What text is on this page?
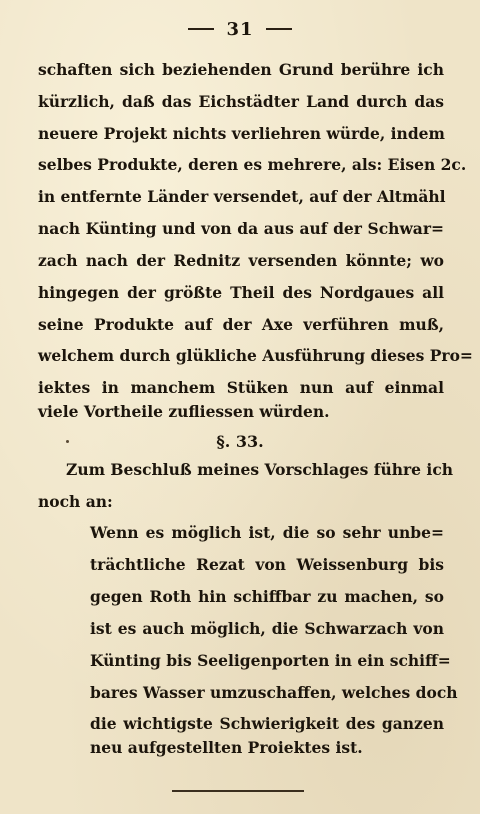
31
schaften sich beziehenden Grund berühre ich
kürzlich, daß das Eichstädter Land durch das
neuere Projekt nichts verliehren würde, indem
selbes Produkte, deren es mehrere, als: Eisen 2c.
in entfernte Länder versendet, auf der Altmähl
nach Künting und von da aus auf der Schwar=
zach nach der Rednitz versenden könnte; wo
hingegen der größte Theil des Nordgaues all
seine Produkte auf der Axe verführen muß,
welchem durch glükliche Ausführung dieses Pro=
iektes in manchem Stüken nun auf einmal
viele Vortheile zufliessen würden.
§. 33.
Zum Beschluß meines Vorschlages führe ich
noch an:
Wenn es möglich ist, die so sehr unbe=
trächtliche Rezat von Weissenburg bis
gegen Roth hin schiffbar zu machen, so
ist es auch möglich, die Schwarzach von
Künting bis Seeligenporten in ein schiff=
bares Wasser umzuschaffen, welches doch
die wichtigste Schwierigkeit des ganzen
neu aufgestellten Proiektes ist.
